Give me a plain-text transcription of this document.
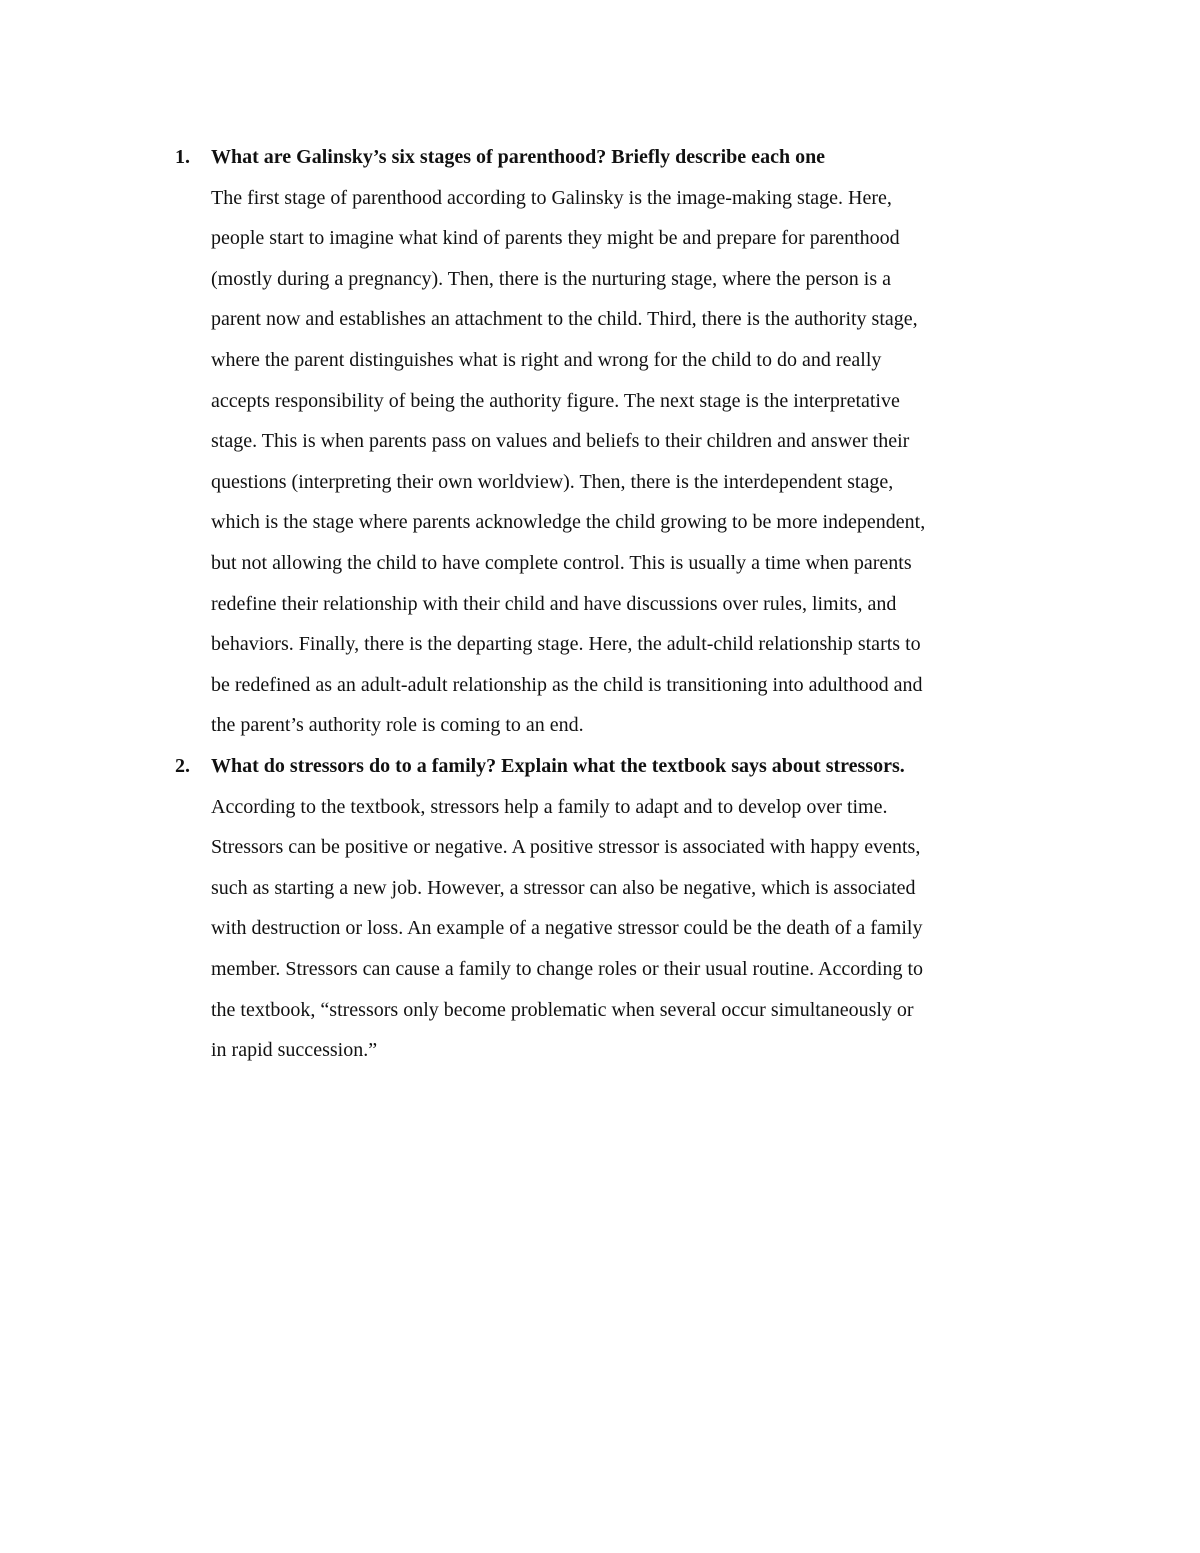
1. What are Galinsky’s six stages of parenthood? Briefly describe each one

The first stage of parenthood according to Galinsky is the image-making stage. Here,
people start to imagine what kind of parents they might be and prepare for parenthood
(mostly during a pregnancy). Then, there is the nurturing stage, where the person is a
parent now and establishes an attachment to the child. Third, there is the authority stage,
where the parent distinguishes what is right and wrong for the child to do and really
accepts responsibility of being the authority figure. The next stage is the interpretative
stage. This is when parents pass on values and beliefs to their children and answer their
questions (interpreting their own worldview). Then, there is the interdependent stage,
which is the stage where parents acknowledge the child growing to be more independent,
but not allowing the child to have complete control. This is usually a time when parents
redefine their relationship with their child and have discussions over rules, limits, and
behaviors. Finally, there is the departing stage. Here, the adult-child relationship starts to
be redefined as an adult-adult relationship as the child is transitioning into adulthood and
the parent’s authority role is coming to an end.

2. What do stressors do to a family? Explain what the textbook says about stressors.

According to the textbook, stressors help a family to adapt and to develop over time.
Stressors can be positive or negative. A positive stressor is associated with happy events,
such as starting a new job. However, a stressor can also be negative, which is associated
with destruction or loss. An example of a negative stressor could be the death of a family
member. Stressors can cause a family to change roles or their usual routine. According to
the textbook, “stressors only become problematic when several occur simultaneously or
in rapid succession.”
